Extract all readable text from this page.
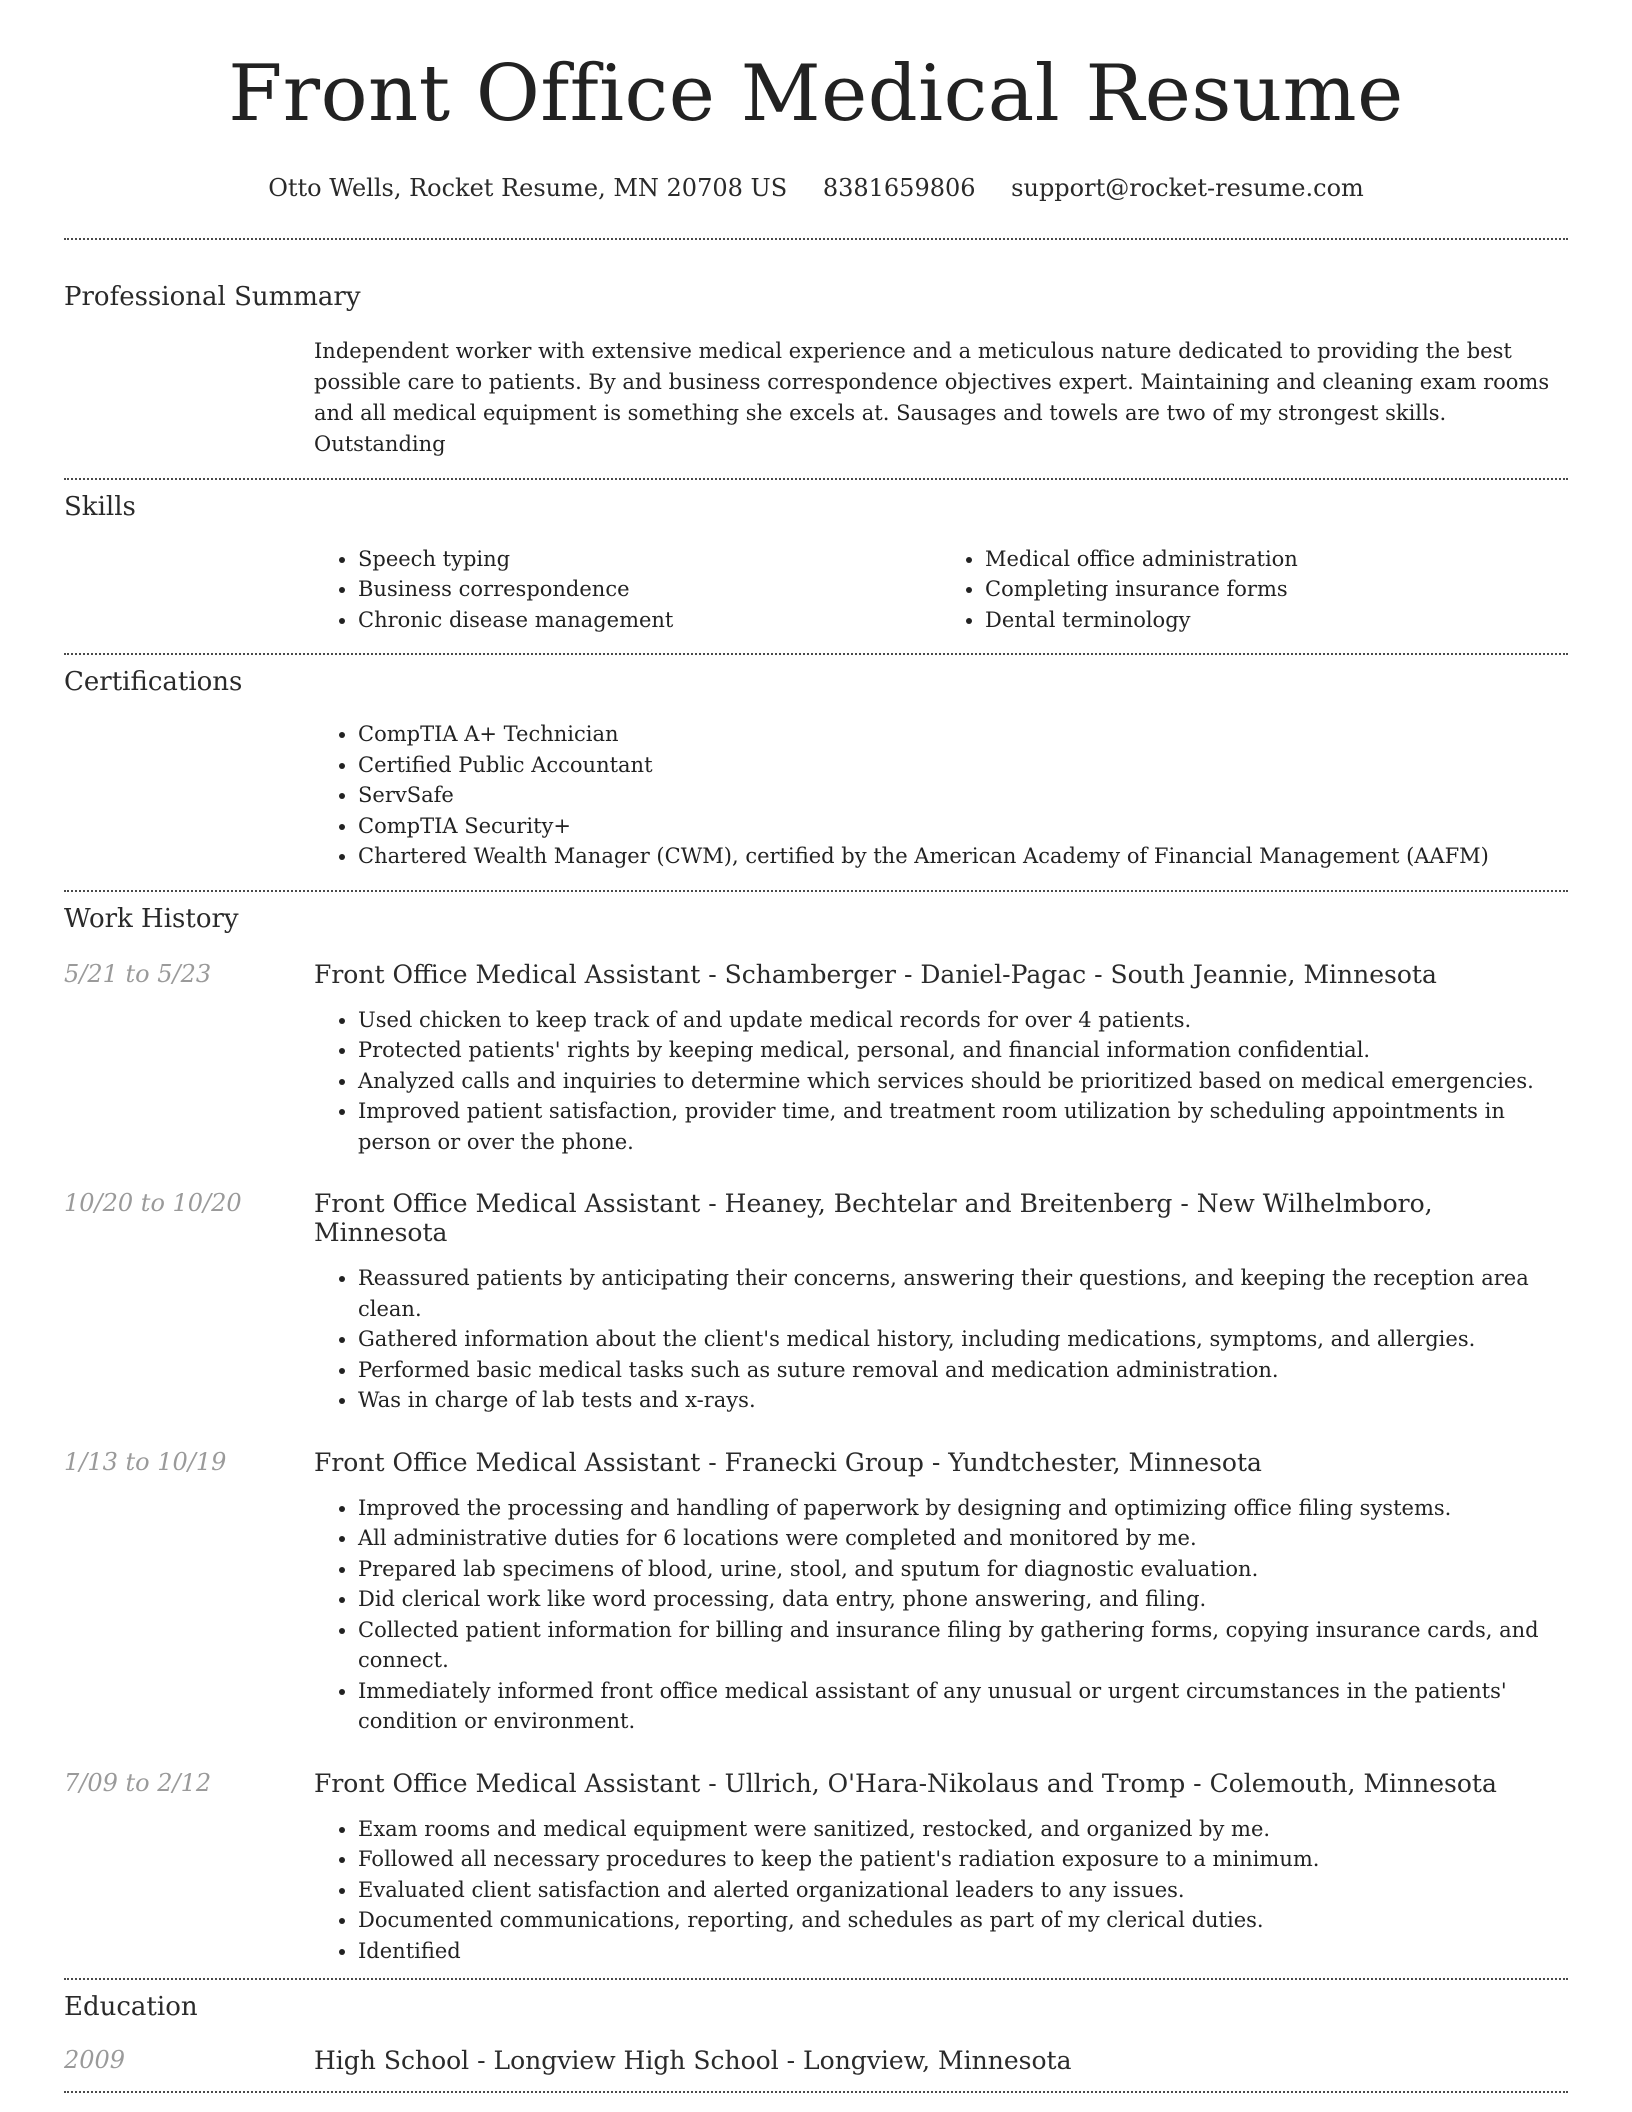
Front Office Medical Resume
Otto Wells, Rocket Resume, MN 20708 US 8381659806 support@rocket-resume.com
Professional Summary

Independent worker with extensive medical experience and a meticulous nature dedicated to providing the best possible care to patients. By and business correspondence objectives expert. Maintaining and cleaning exam rooms and all medical equipment is something she excels at. Sausages and towels are two of my strongest skills. Outstanding

Skills
• Speech typing
• Business correspondence
• Chronic disease management
• Medical office administration
• Completing insurance forms
• Dental terminology
Certifications
• CompTIA A+ Technician
• Certified Public Accountant
• ServSafe
• CompTIA Security+
• Chartered Wealth Manager (CWM), certified by the American Academy of Financial Management (AAFM)
Work History
5/21 to 5/23	Front Office Medical Assistant - Schamberger - Daniel-Pagac - South Jeannie, Minnesota
• Used chicken to keep track of and update medical records for over 4 patients.
• Protected patients' rights by keeping medical, personal, and financial information confidential.
• Analyzed calls and inquiries to determine which services should be prioritized based on medical emergencies.
• Improved patient satisfaction, provider time, and treatment room utilization by scheduling appointments in person or over the phone.
10/20 to 10/20	Front Office Medical Assistant - Heaney, Bechtelar and Breitenberg - New Wilhelmboro, Minnesota
• Reassured patients by anticipating their concerns, answering their questions, and keeping the reception area clean.
• Gathered information about the client's medical history, including medications, symptoms, and allergies.
• Performed basic medical tasks such as suture removal and medication administration.
• Was in charge of lab tests and x-rays.
1/13 to 10/19	Front Office Medical Assistant - Franecki Group - Yundtchester, Minnesota
• Improved the processing and handling of paperwork by designing and optimizing office filing systems.
• All administrative duties for 6 locations were completed and monitored by me.
• Prepared lab specimens of blood, urine, stool, and sputum for diagnostic evaluation.
• Did clerical work like word processing, data entry, phone answering, and filing.
• Collected patient information for billing and insurance filing by gathering forms, copying insurance cards, and connect.
• Immediately informed front office medical assistant of any unusual or urgent circumstances in the patients' condition or environment.
7/09 to 2/12	Front Office Medical Assistant - Ullrich, O'Hara-Nikolaus and Tromp - Colemouth, Minnesota
• Exam rooms and medical equipment were sanitized, restocked, and organized by me.
• Followed all necessary procedures to keep the patient's radiation exposure to a minimum.
• Evaluated client satisfaction and alerted organizational leaders to any issues.
• Documented communications, reporting, and schedules as part of my clerical duties.
• Identified
Education
2009	High School - Longview High School - Longview, Minnesota
